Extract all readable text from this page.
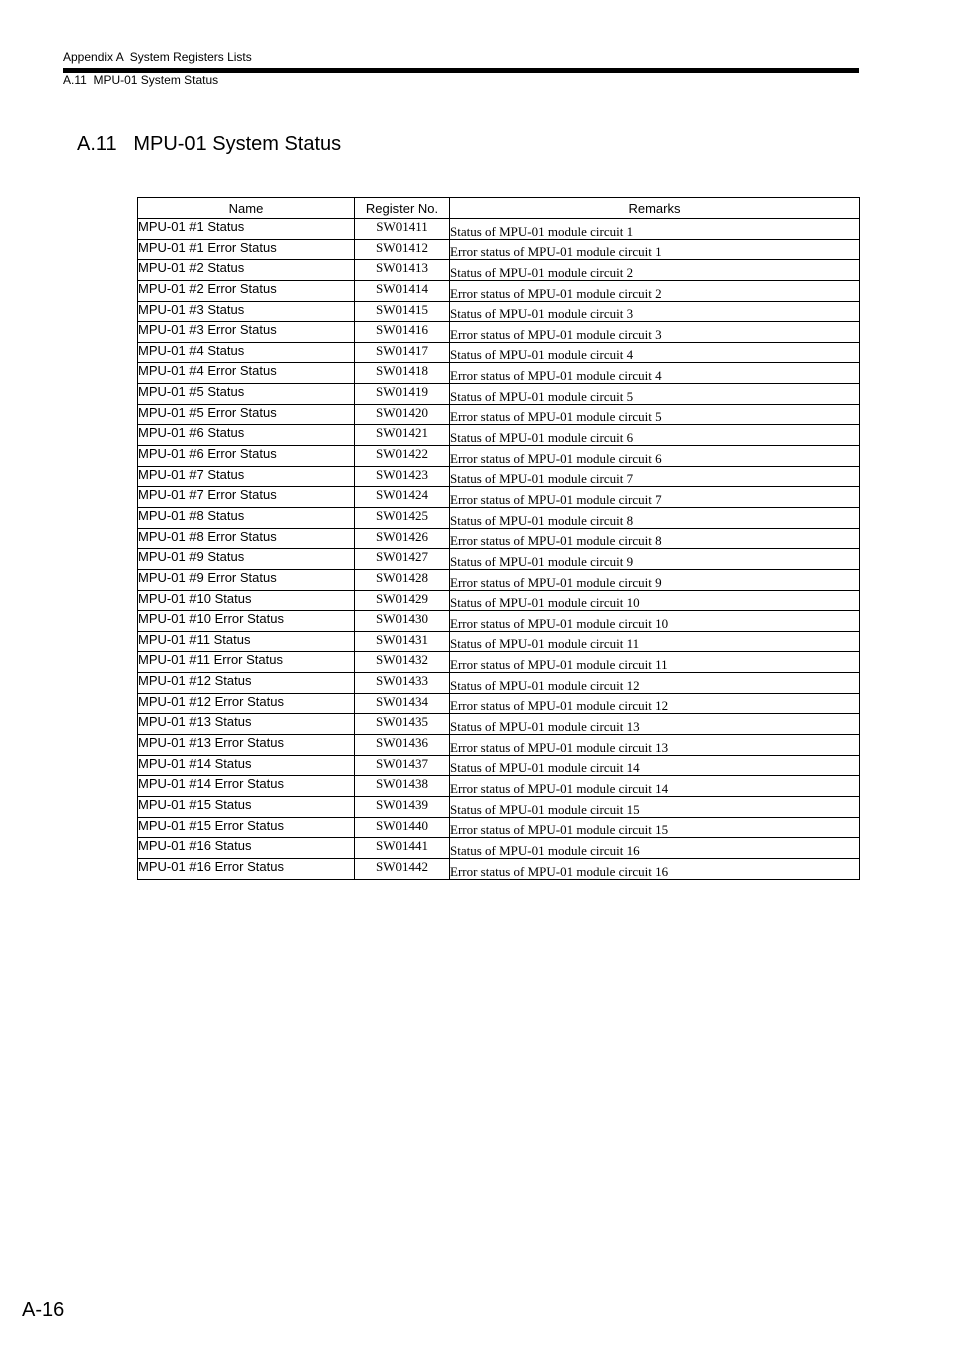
Appendix A  System Registers Lists
A.11  MPU-01 System Status
A.11   MPU-01 System Status
Name	Register No.	Remarks
MPU-01 #1 Status	SW01411	Status of MPU-01 module circuit 1
MPU-01 #1 Error Status	SW01412	Error status of MPU-01 module circuit 1
MPU-01 #2 Status	SW01413	Status of MPU-01 module circuit 2
MPU-01 #2 Error Status	SW01414	Error status of MPU-01 module circuit 2
MPU-01 #3 Status	SW01415	Status of MPU-01 module circuit 3
MPU-01 #3 Error Status	SW01416	Error status of MPU-01 module circuit 3
MPU-01 #4 Status	SW01417	Status of MPU-01 module circuit 4
MPU-01 #4 Error Status	SW01418	Error status of MPU-01 module circuit 4
MPU-01 #5 Status	SW01419	Status of MPU-01 module circuit 5
MPU-01 #5 Error Status	SW01420	Error status of MPU-01 module circuit 5
MPU-01 #6 Status	SW01421	Status of MPU-01 module circuit 6
MPU-01 #6 Error Status	SW01422	Error status of MPU-01 module circuit 6
MPU-01 #7 Status	SW01423	Status of MPU-01 module circuit 7
MPU-01 #7 Error Status	SW01424	Error status of MPU-01 module circuit 7
MPU-01 #8 Status	SW01425	Status of MPU-01 module circuit 8
MPU-01 #8 Error Status	SW01426	Error status of MPU-01 module circuit 8
MPU-01 #9 Status	SW01427	Status of MPU-01 module circuit 9
MPU-01 #9 Error Status	SW01428	Error status of MPU-01 module circuit 9
MPU-01 #10 Status	SW01429	Status of MPU-01 module circuit 10
MPU-01 #10 Error Status	SW01430	Error status of MPU-01 module circuit 10
MPU-01 #11 Status	SW01431	Status of MPU-01 module circuit 11
MPU-01 #11 Error Status	SW01432	Error status of MPU-01 module circuit 11
MPU-01 #12 Status	SW01433	Status of MPU-01 module circuit 12
MPU-01 #12 Error Status	SW01434	Error status of MPU-01 module circuit 12
MPU-01 #13 Status	SW01435	Status of MPU-01 module circuit 13
MPU-01 #13 Error Status	SW01436	Error status of MPU-01 module circuit 13
MPU-01 #14 Status	SW01437	Status of MPU-01 module circuit 14
MPU-01 #14 Error Status	SW01438	Error status of MPU-01 module circuit 14
MPU-01 #15 Status	SW01439	Status of MPU-01 module circuit 15
MPU-01 #15 Error Status	SW01440	Error status of MPU-01 module circuit 15
MPU-01 #16 Status	SW01441	Status of MPU-01 module circuit 16
MPU-01 #16 Error Status	SW01442	Error status of MPU-01 module circuit 16
A-16
